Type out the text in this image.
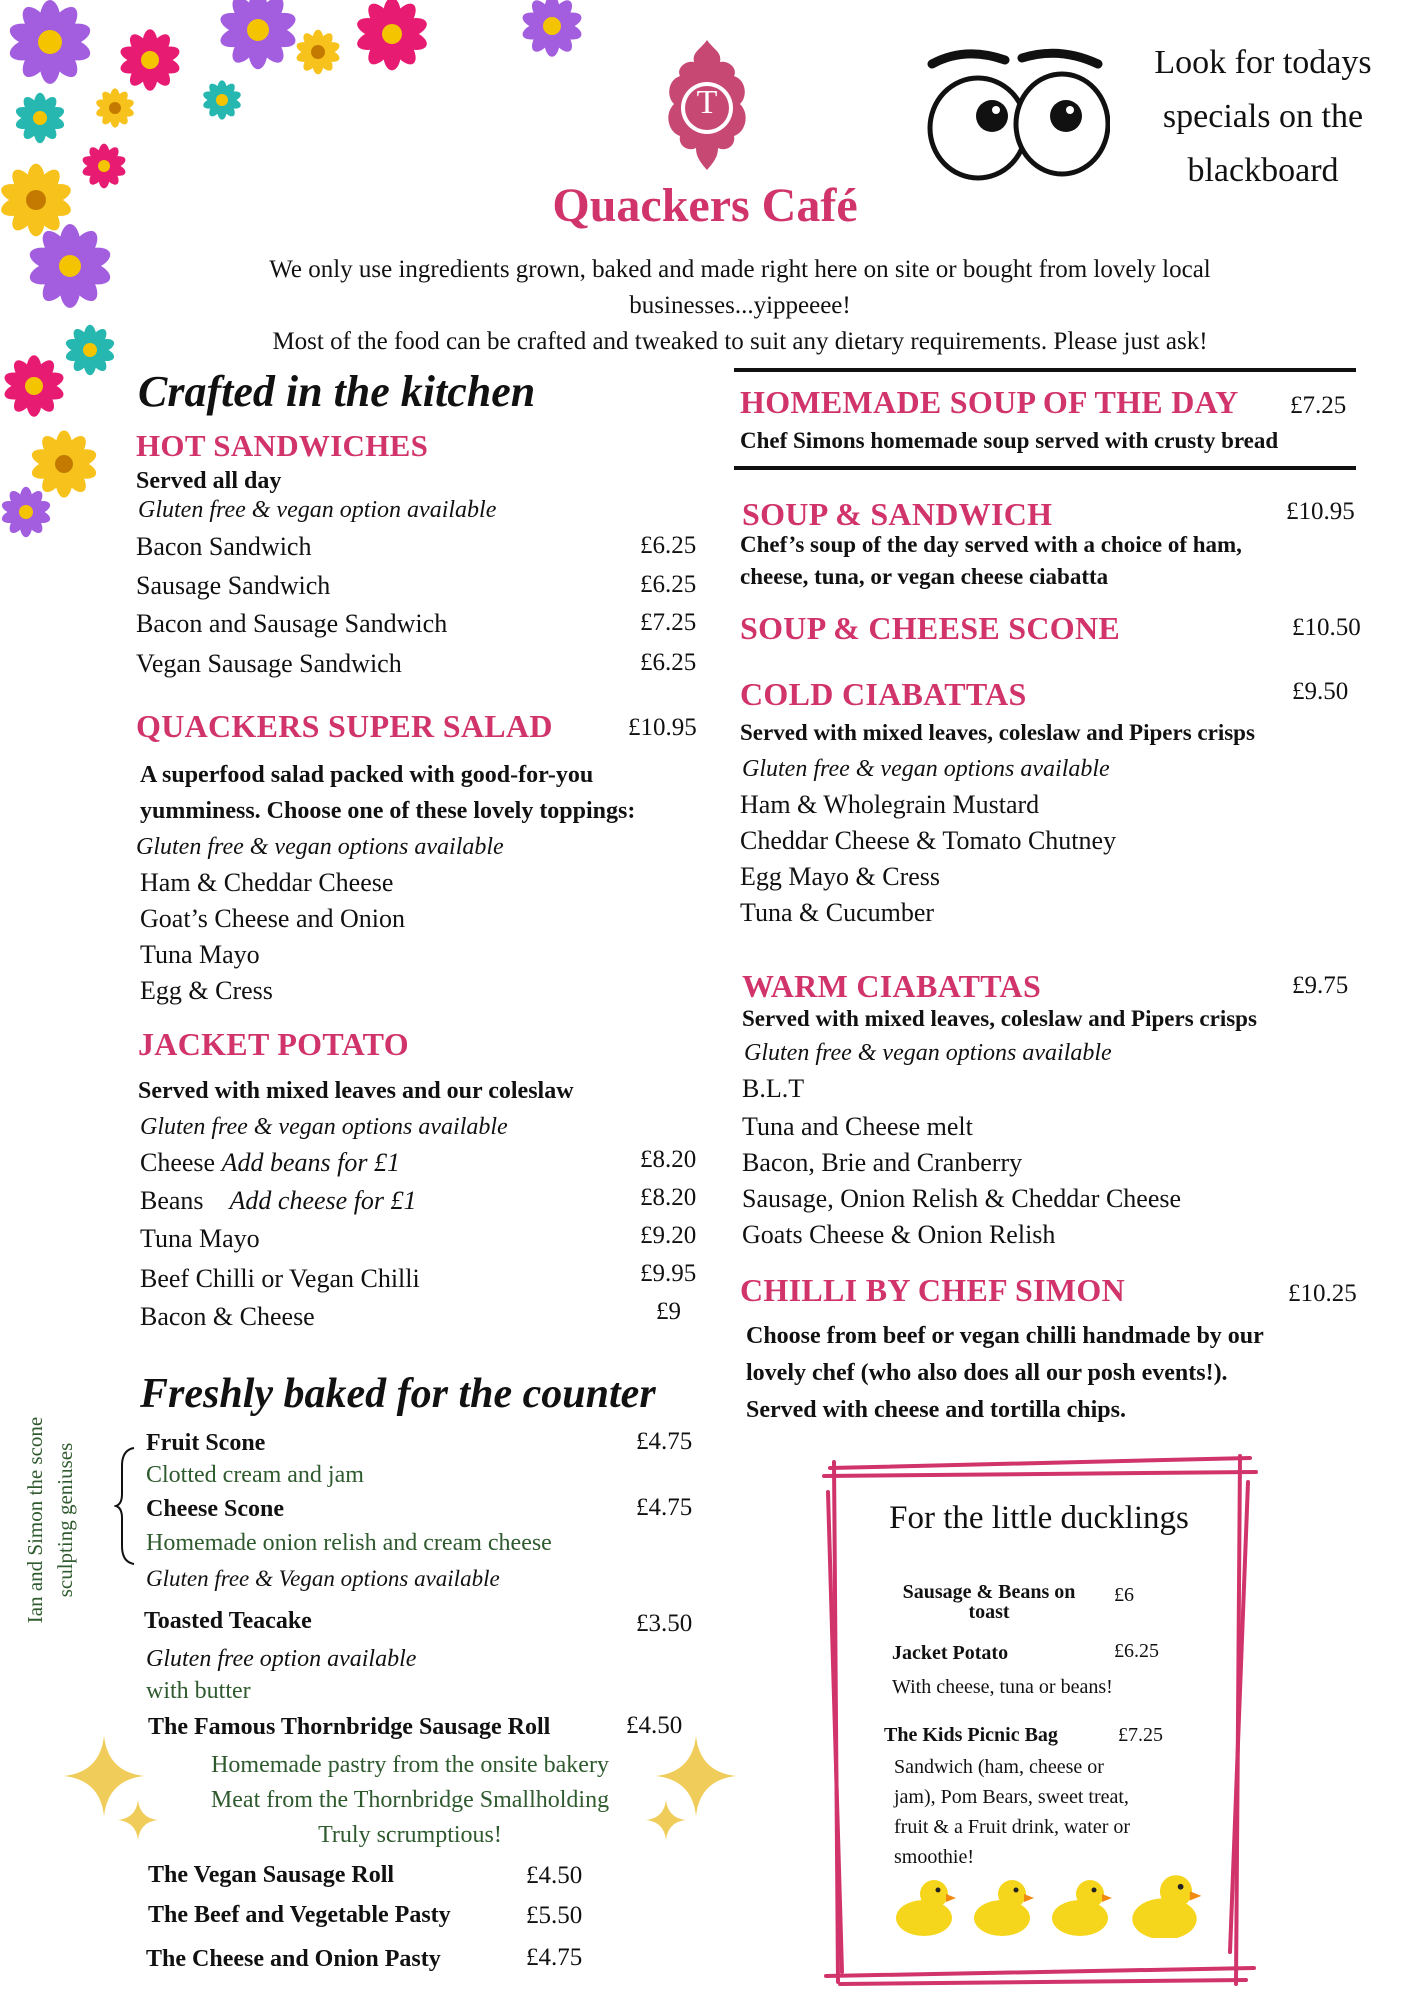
T
Look for todays
specials on the
blackboard
Quackers Café
We only use ingredients grown, baked and made right here on site or bought from lovely local
businesses...yippeeee!
Most of the food can be crafted and tweaked to suit any dietary requirements. Please just ask!
Crafted in the kitchen
HOT SANDWICHES
Served all day
Gluten free & vegan option available
Bacon Sandwich	£6.25
Sausage Sandwich	£6.25
Bacon and Sausage Sandwich	£7.25
Vegan Sausage Sandwich	£6.25
QUACKERS SUPER SALAD	£10.95
A superfood salad packed with good-for-you
yumminess. Choose one of these lovely toppings:
Gluten free & vegan options available
Ham & Cheddar Cheese
Goat’s Cheese and Onion
Tuna Mayo
Egg & Cress
JACKET POTATO
Served with mixed leaves and our coleslaw
Gluten free & vegan options available
Cheese Add beans for £1	£8.20
Beans Add cheese for £1	£8.20
Tuna Mayo	£9.20
Beef Chilli or Vegan Chilli	£9.95
Bacon & Cheese	£9
Freshly baked for the counter
Ian and Simon the scone sculpting geniuses	Fruit Scone	£4.75
Clotted cream and jam
Cheese Scone	£4.75
Homemade onion relish and cream cheese
Gluten free & Vegan options available
Toasted Teacake	£3.50
Gluten free option available
with butter
The Famous Thornbridge Sausage Roll	£4.50
Homemade pastry from the onsite bakery
Meat from the Thornbridge Smallholding
Truly scrumptious!
The Vegan Sausage Roll	£4.50
The Beef and Vegetable Pasty	£5.50
The Cheese and Onion Pasty	£4.75
HOMEMADE SOUP OF THE DAY £7.25
Chef Simons homemade soup served with crusty bread
SOUP & SANDWICH	£10.95
Chef’s soup of the day served with a choice of ham,
cheese, tuna, or vegan cheese ciabatta
SOUP & CHEESE SCONE	£10.50
COLD CIABATTAS	£9.50
Served with mixed leaves, coleslaw and Pipers crisps
Gluten free & vegan options available
Ham & Wholegrain Mustard
Cheddar Cheese & Tomato Chutney
Egg Mayo & Cress
Tuna & Cucumber
WARM CIABATTAS	£9.75
Served with mixed leaves, coleslaw and Pipers crisps
Gluten free & vegan options available
B.L.T
Tuna and Cheese melt
Bacon, Brie and Cranberry
Sausage, Onion Relish & Cheddar Cheese
Goats Cheese & Onion Relish
CHILLI BY CHEF SIMON	£10.25
Choose from beef or vegan chilli handmade by our
lovely chef (who also does all our posh events!).
Served with cheese and tortilla chips.
For the little ducklings
Sausage & Beans on
toast
£6
Jacket Potato	£6.25
With cheese, tuna or beans!
The Kids Picnic Bag	£7.25
Sandwich (ham, cheese or
jam), Pom Bears, sweet treat,
fruit & a Fruit drink, water or
smoothie!
